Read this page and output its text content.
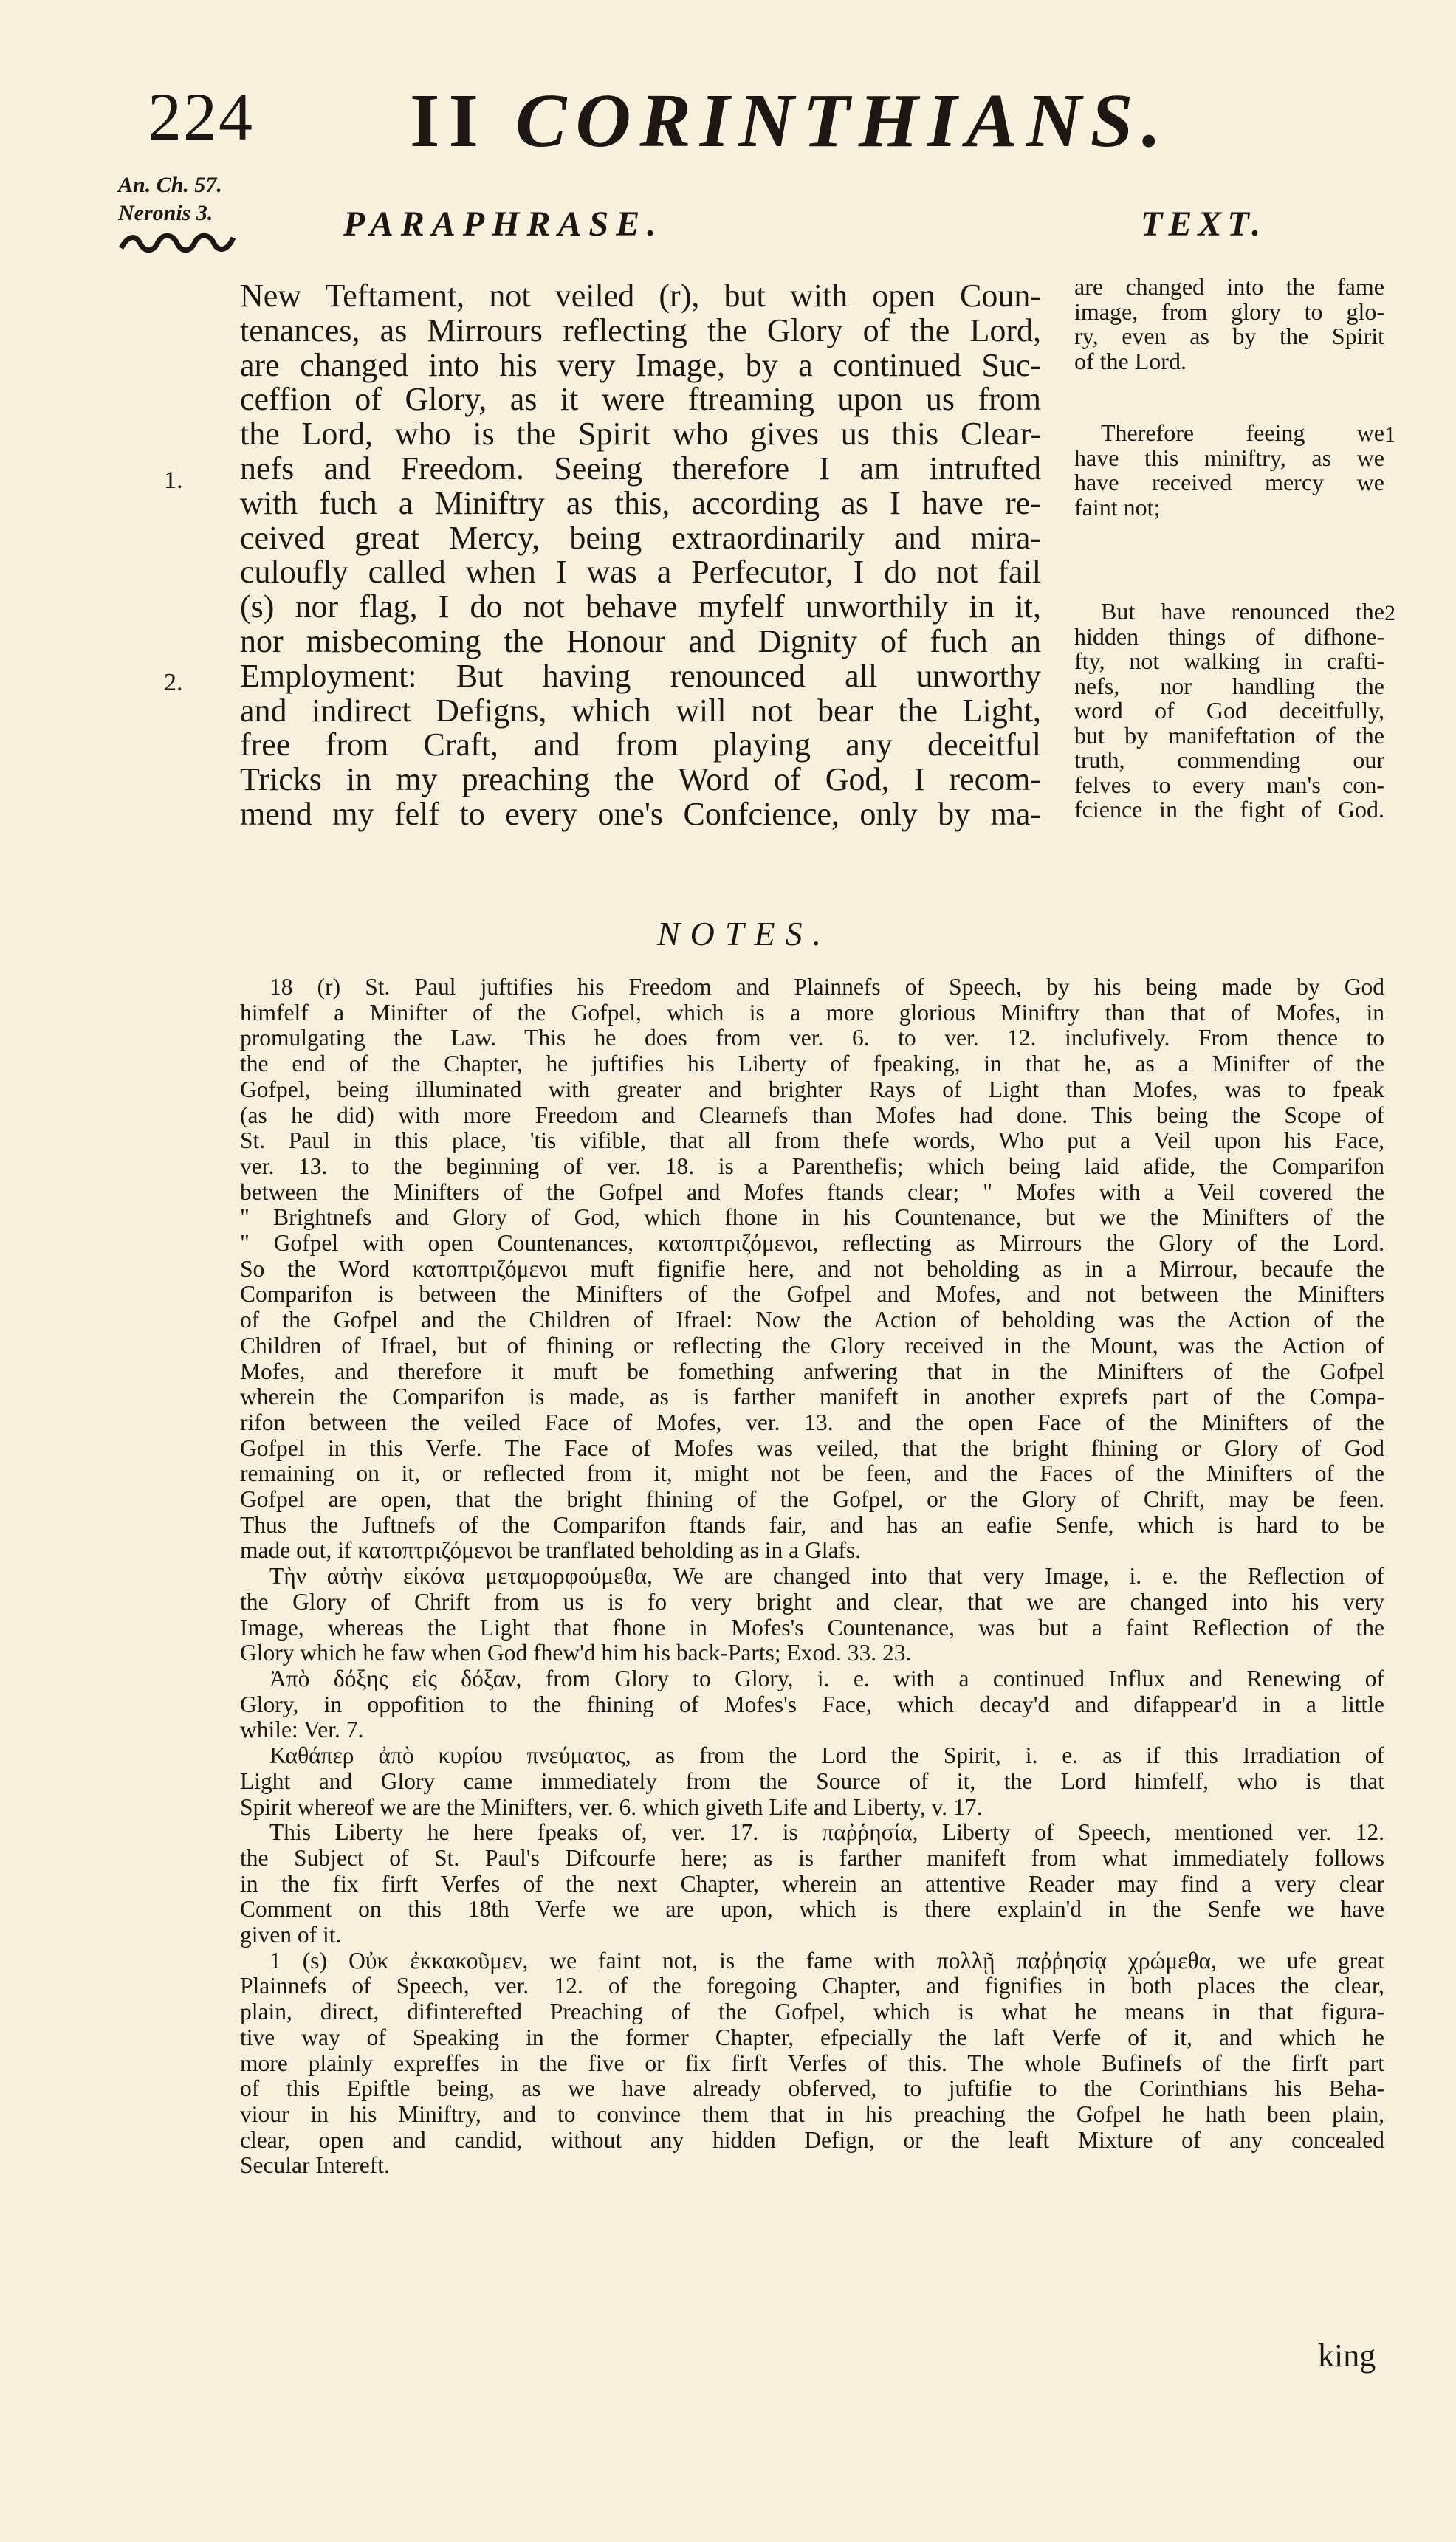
224 II CORINTHIANS.
An. Ch. 57.
Neronis 3.	PARAPHRASE.	TEXT.
New Teftament, not veiled (r), but with open Coun-
tenances, as Mirrours reflecting the Glory of the Lord,
are changed into his very Image, by a continued Suc-
ceffion of Glory, as it were ftreaming upon us from
the Lord, who is the Spirit who gives us this Clear-
nefs and Freedom. Seeing therefore I am intrufted
with fuch a Miniftry as this, according as I have re-
ceived great Mercy, being extraordinarily and mira-
culoufly called when I was a Perfecutor, I do not fail
(s) nor flag, I do not behave myfelf unworthily in it,
nor misbecoming the Honour and Dignity of fuch an
Employment: But having renounced all unworthy
and indirect Defigns, which will not bear the Light,
free from Craft, and from playing any deceitful
Tricks in my preaching the Word of God, I recom-
mend my felf to every one's Confcience, only by ma-
1.
2.
are changed into the fame
image, from glory to glo-
ry, even as by the Spirit
of the Lord.
Therefore feeing we
have this miniftry, as we
have received mercy we
faint not;
1
But have renounced the
hidden things of difhone-
fty, not walking in crafti-
nefs, nor handling the
word of God deceitfully,
but by manifeftation of the
truth, commending our
felves to every man's con-
fcience in the fight of God.
2
NOTES.
18 (r) St. Paul juftifies his Freedom and Plainnefs of Speech, by his being made by God
himfelf a Minifter of the Gofpel, which is a more glorious Miniftry than that of Mofes, in
promulgating the Law. This he does from ver. 6. to ver. 12. inclufively. From thence to
the end of the Chapter, he juftifies his Liberty of fpeaking, in that he, as a Minifter of the
Gofpel, being illuminated with greater and brighter Rays of Light than Mofes, was to fpeak
(as he did) with more Freedom and Clearnefs than Mofes had done. This being the Scope of
St. Paul in this place, 'tis vifible, that all from thefe words, Who put a Veil upon his Face,
ver. 13. to the beginning of ver. 18. is a Parenthefis; which being laid afide, the Comparifon
between the Minifters of the Gofpel and Mofes ftands clear; " Mofes with a Veil covered the
" Brightnefs and Glory of God, which fhone in his Countenance, but we the Minifters of the
" Gofpel with open Countenances, κατοπτριζόμενοι, reflecting as Mirrours the Glory of the Lord.
So the Word κατοπτριζόμενοι muft fignifie here, and not beholding as in a Mirrour, becaufe the
Comparifon is between the Minifters of the Gofpel and Mofes, and not between the Minifters
of the Gofpel and the Children of Ifrael: Now the Action of beholding was the Action of the
Children of Ifrael, but of fhining or reflecting the Glory received in the Mount, was the Action of
Mofes, and therefore it muft be fomething anfwering that in the Minifters of the Gofpel
wherein the Comparifon is made, as is farther manifeft in another exprefs part of the Compa-
rifon between the veiled Face of Mofes, ver. 13. and the open Face of the Minifters of the
Gofpel in this Verfe. The Face of Mofes was veiled, that the bright fhining or Glory of God
remaining on it, or reflected from it, might not be feen, and the Faces of the Minifters of the
Gofpel are open, that the bright fhining of the Gofpel, or the Glory of Chrift, may be feen.
Thus the Juftnefs of the Comparifon ftands fair, and has an eafie Senfe, which is hard to be
made out, if κατοπτριζόμενοι be tranflated beholding as in a Glafs.
Τὴν αὐτὴν εἰκόνα μεταμορφούμεθα, We are changed into that very Image, i. e. the Reflection of
the Glory of Chrift from us is fo very bright and clear, that we are changed into his very
Image, whereas the Light that fhone in Mofes's Countenance, was but a faint Reflection of the
Glory which he faw when God fhew'd him his back-Parts; Exod. 33. 23.
Ἀπὸ δόξης εἰς δόξαν, from Glory to Glory, i. e. with a continued Influx and Renewing of
Glory, in oppofition to the fhining of Mofes's Face, which decay'd and difappear'd in a little
while: Ver. 7.
Καθάπερ ἀπὸ κυρίου πνεύματος, as from the Lord the Spirit, i. e. as if this Irradiation of
Light and Glory came immediately from the Source of it, the Lord himfelf, who is that
Spirit whereof we are the Minifters, ver. 6. which giveth Life and Liberty, v. 17.
This Liberty he here fpeaks of, ver. 17. is παῤῥησία, Liberty of Speech, mentioned ver. 12.
the Subject of St. Paul's Difcourfe here; as is farther manifeft from what immediately follows
in the fix firft Verfes of the next Chapter, wherein an attentive Reader may find a very clear
Comment on this 18th Verfe we are upon, which is there explain'd in the Senfe we have
given of it.
1 (s) Οὐκ ἐκκακοῦμεν, we faint not, is the fame with πολλῇ παῤῥησίᾳ χρώμεθα, we ufe great
Plainnefs of Speech, ver. 12. of the foregoing Chapter, and fignifies in both places the clear,
plain, direct, difinterefted Preaching of the Gofpel, which is what he means in that figura-
tive way of Speaking in the former Chapter, efpecially the laft Verfe of it, and which he
more plainly expreffes in the five or fix firft Verfes of this. The whole Bufinefs of the firft part
of this Epiftle being, as we have already obferved, to juftifie to the Corinthians his Beha-
viour in his Miniftry, and to convince them that in his preaching the Gofpel he hath been plain,
clear, open and candid, without any hidden Defign, or the leaft Mixture of any concealed
Secular Intereft.
king
